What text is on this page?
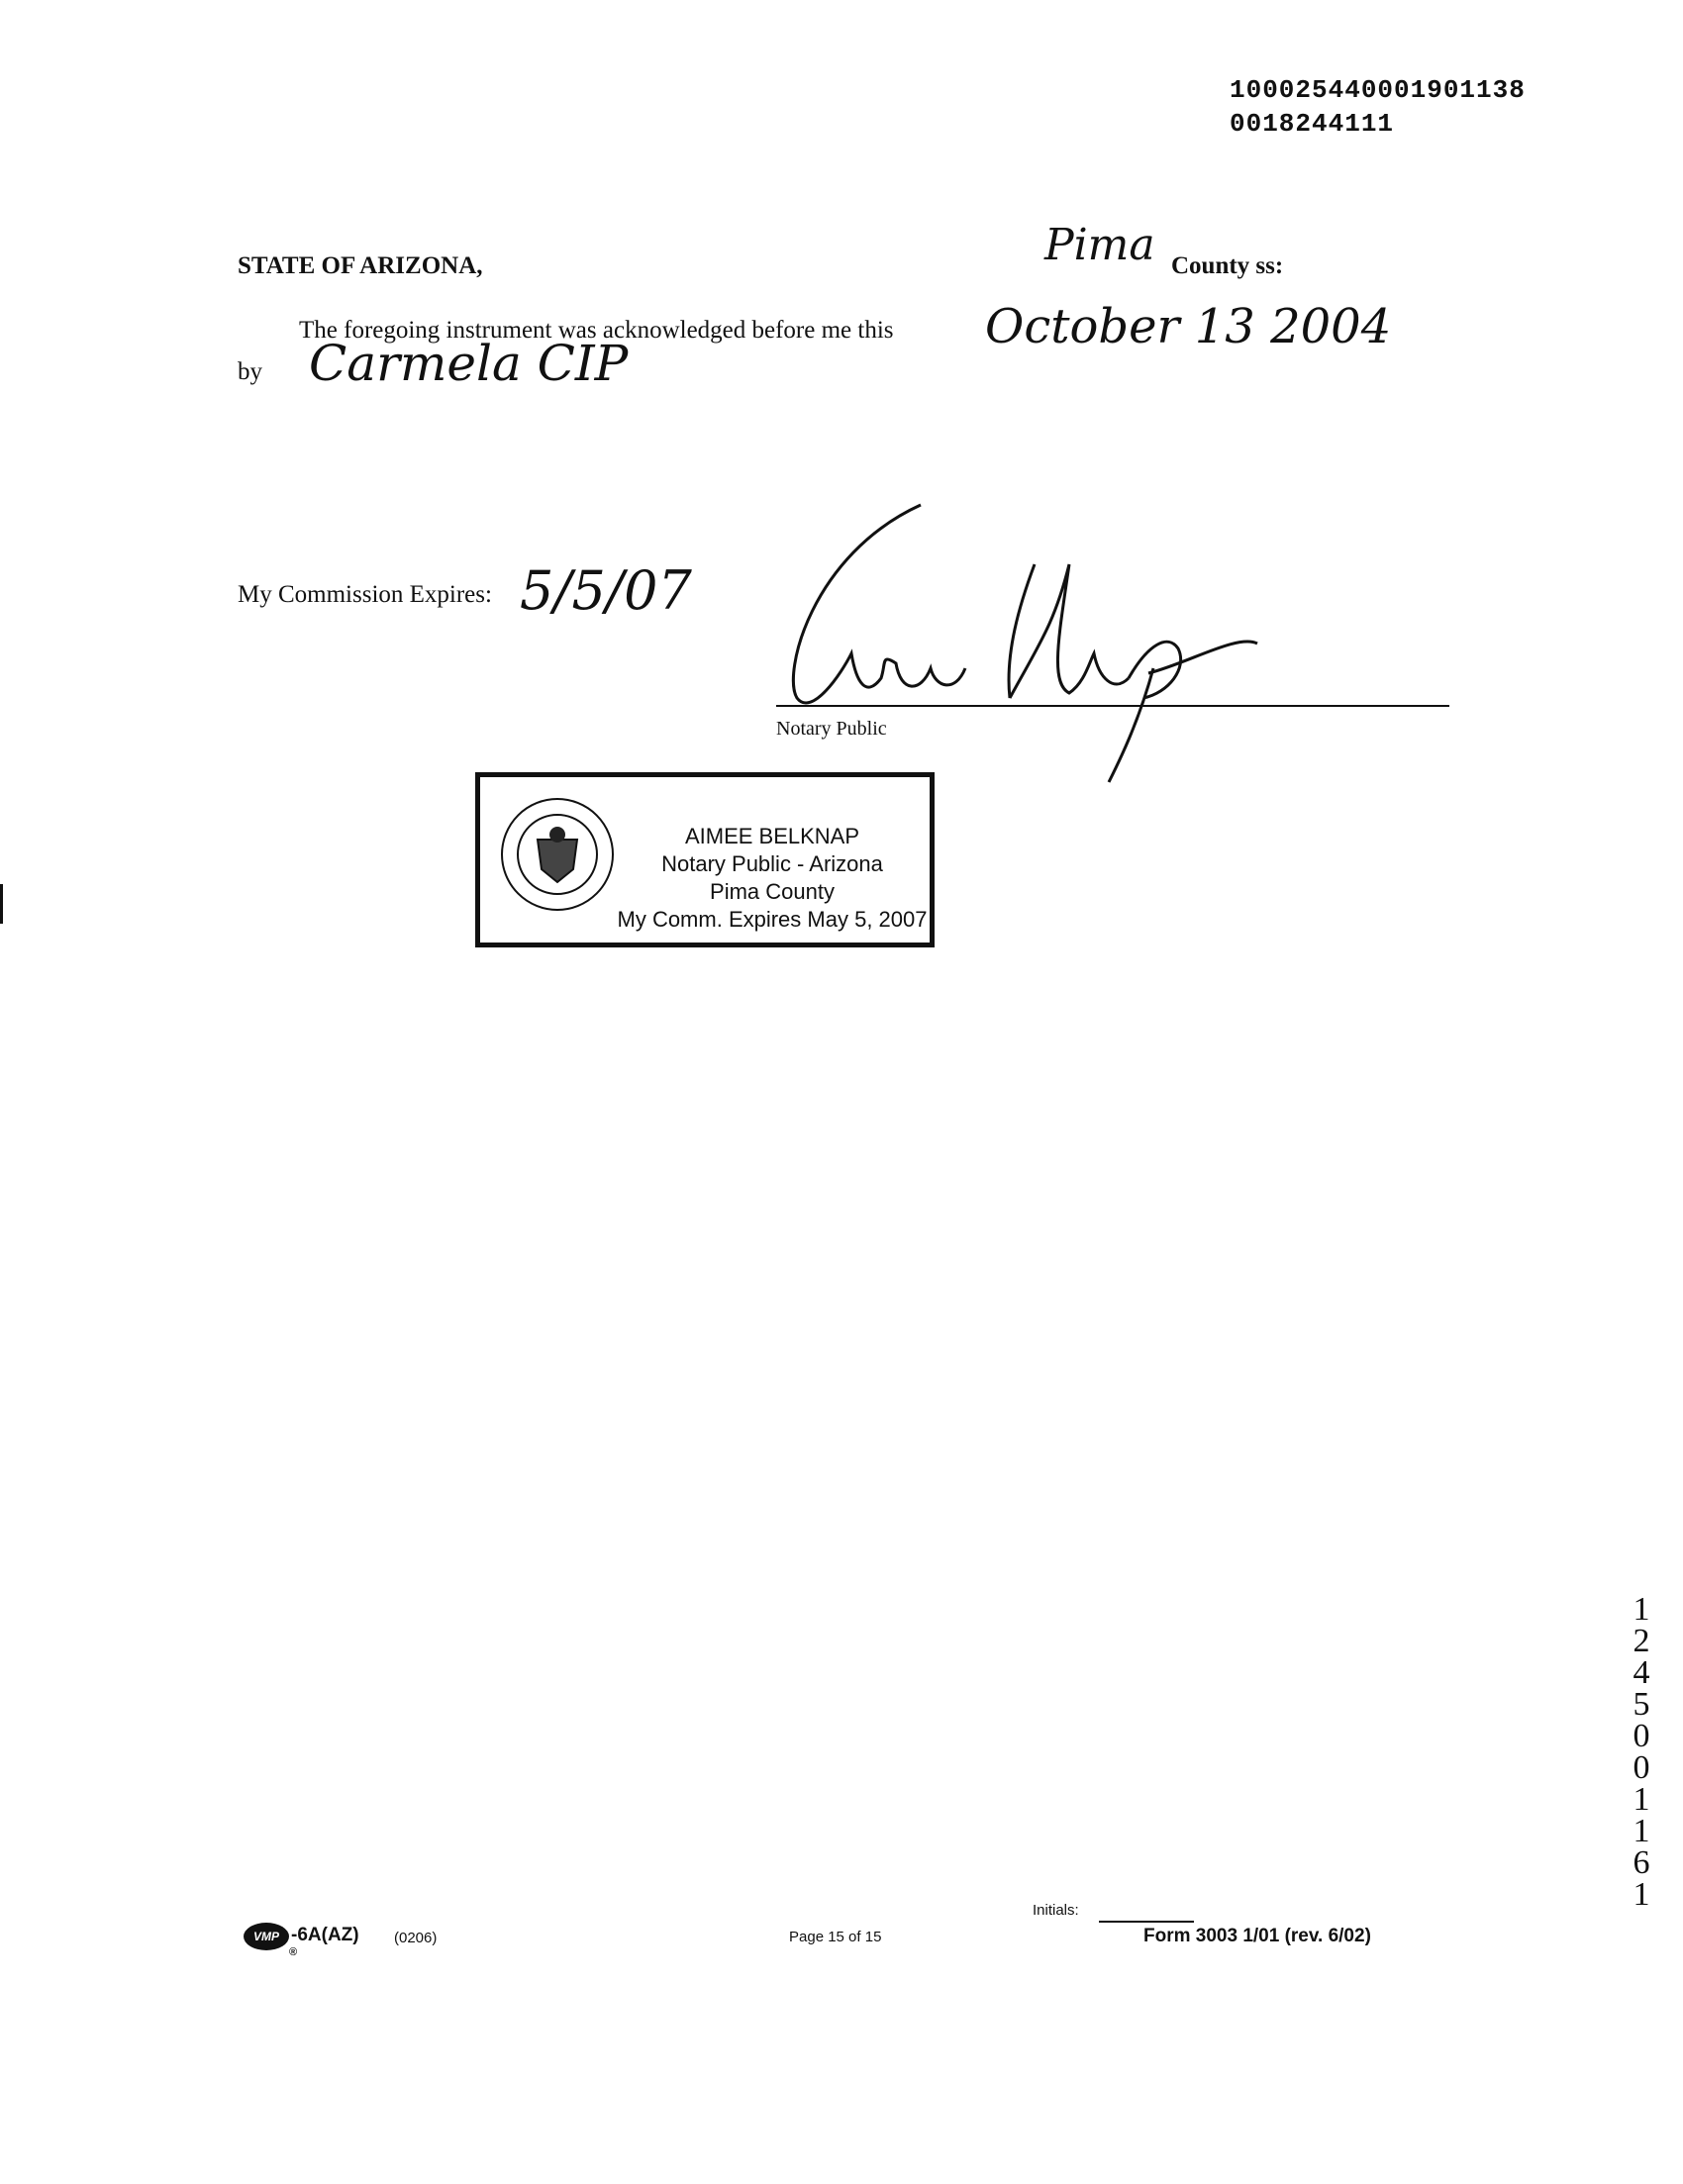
100025440001901138
0018244111
STATE OF ARIZONA,	Pima County ss:
The foregoing instrument was acknowledged before me this October 13 2004
by Carmela CIP
My Commission Expires: 5/5/07
Notary Public
AIMEE BELKNAP
Notary Public - Arizona
Pima County
My Comm. Expires May 5, 2007
1
2
4
5
0
0
1
1
6
1
VMP
®
-6A(AZ) (0206)	Page 15 of 15
Initials:
Form 3003 1/01 (rev. 6/02)
